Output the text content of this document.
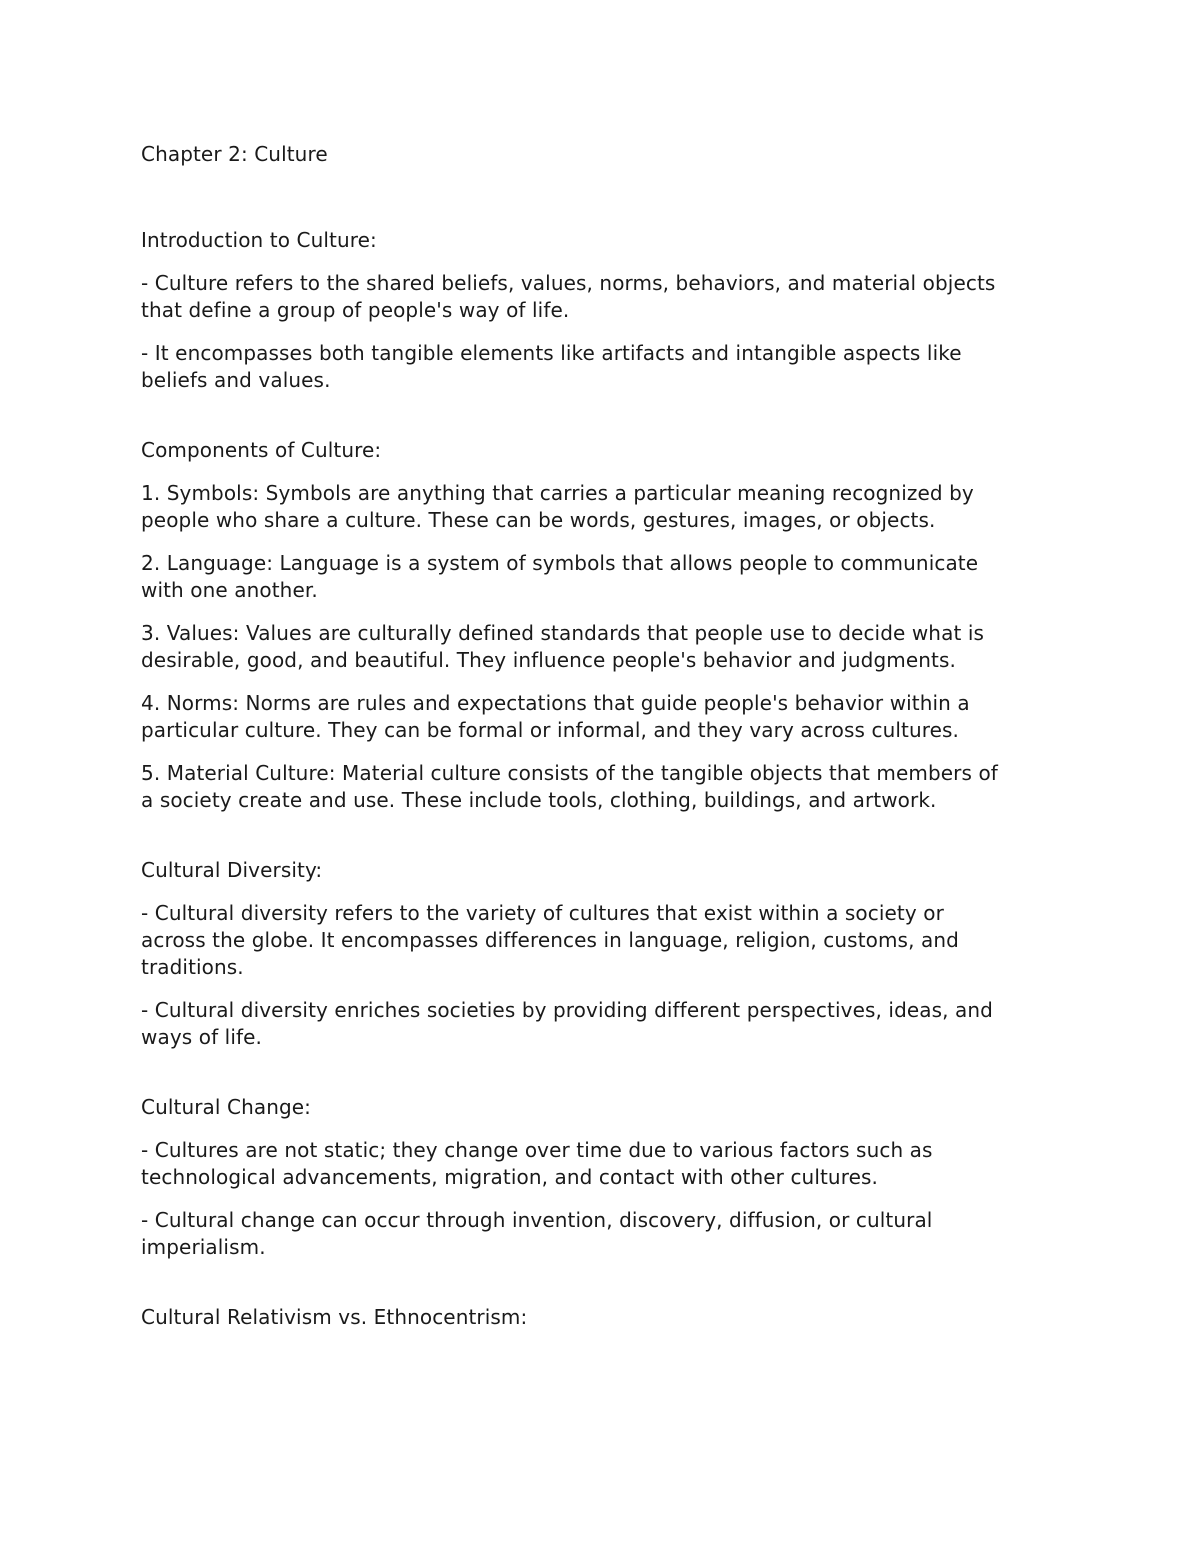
Chapter 2: Culture
Introduction to Culture:
- Culture refers to the shared beliefs, values, norms, behaviors, and material objects
that define a group of people's way of life.
- It encompasses both tangible elements like artifacts and intangible aspects like
beliefs and values.
Components of Culture:
1. Symbols: Symbols are anything that carries a particular meaning recognized by
people who share a culture. These can be words, gestures, images, or objects.
2. Language: Language is a system of symbols that allows people to communicate
with one another.
3. Values: Values are culturally defined standards that people use to decide what is
desirable, good, and beautiful. They influence people's behavior and judgments.
4. Norms: Norms are rules and expectations that guide people's behavior within a
particular culture. They can be formal or informal, and they vary across cultures.
5. Material Culture: Material culture consists of the tangible objects that members of
a society create and use. These include tools, clothing, buildings, and artwork.
Cultural Diversity:
- Cultural diversity refers to the variety of cultures that exist within a society or
across the globe. It encompasses differences in language, religion, customs, and
traditions.
- Cultural diversity enriches societies by providing different perspectives, ideas, and
ways of life.
Cultural Change:
- Cultures are not static; they change over time due to various factors such as
technological advancements, migration, and contact with other cultures.
- Cultural change can occur through invention, discovery, diffusion, or cultural
imperialism.
Cultural Relativism vs. Ethnocentrism:
